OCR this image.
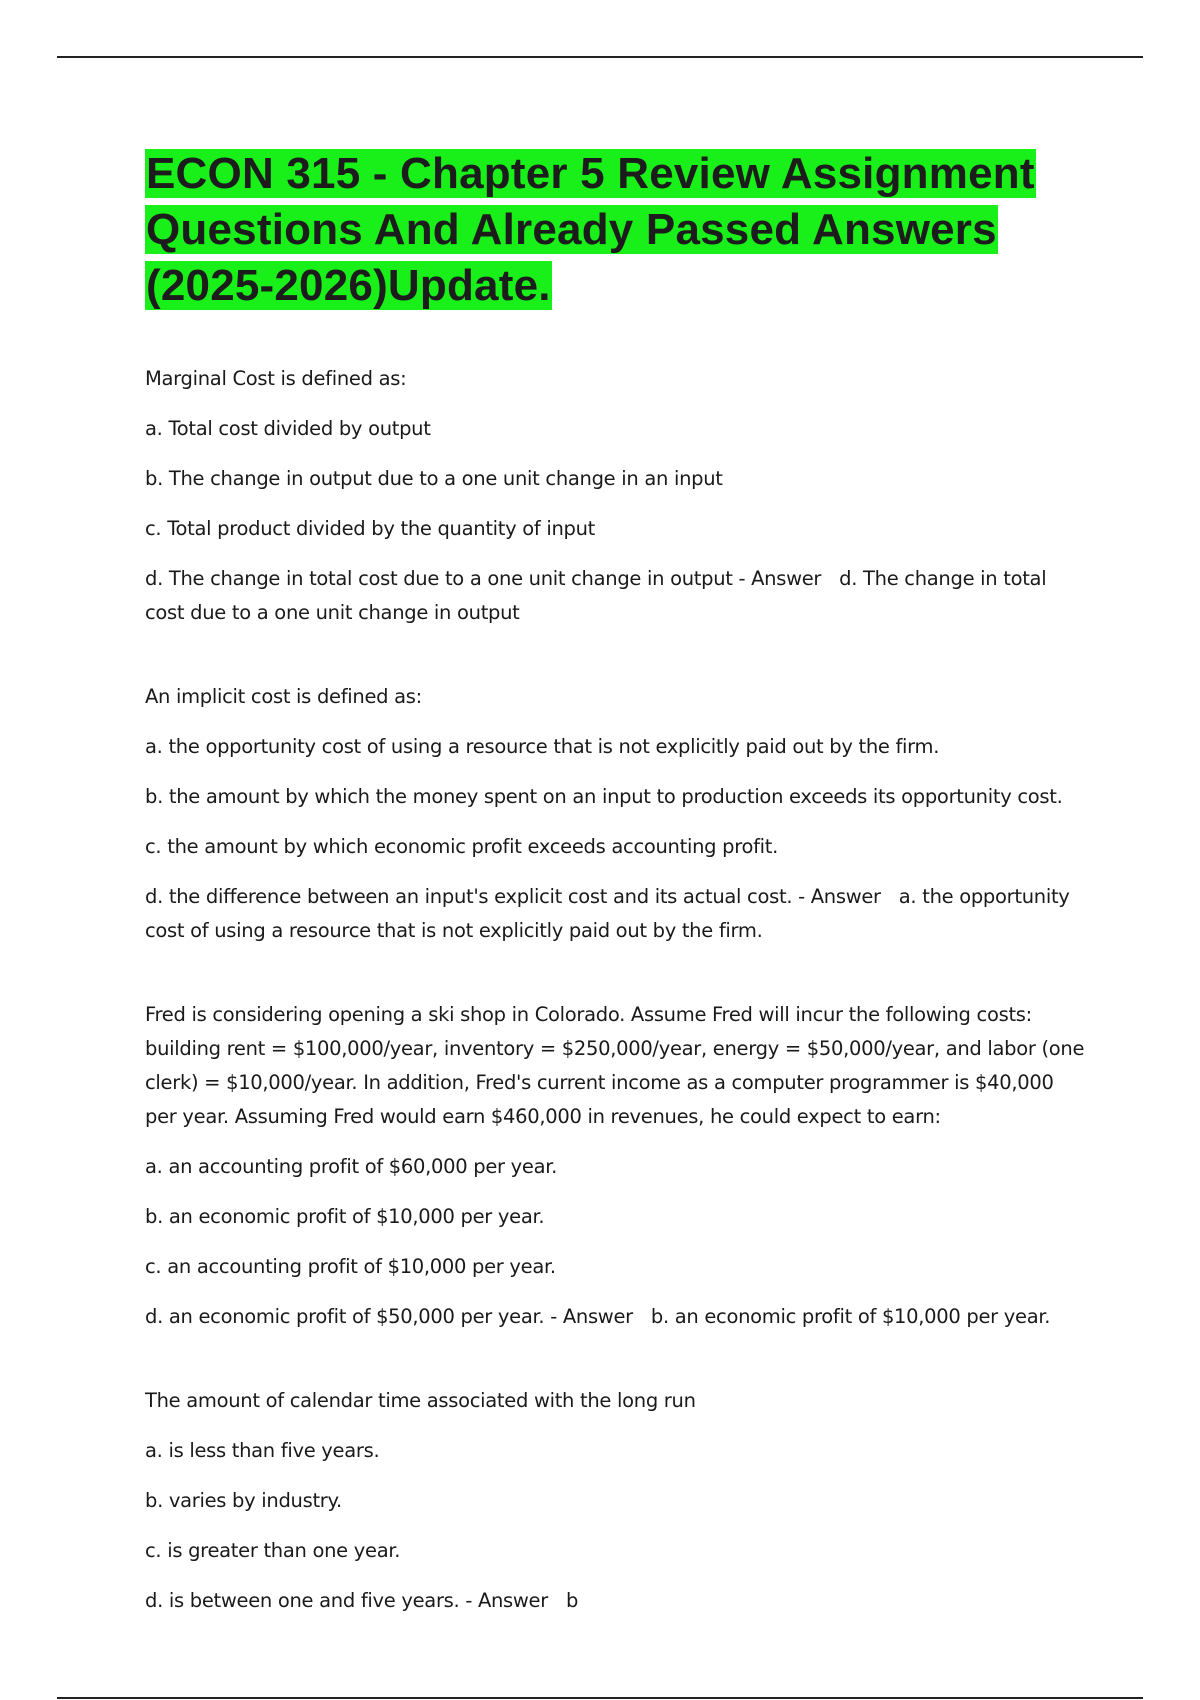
ECON 315 - Chapter 5 Review Assignment Questions And Already Passed Answers (2025-2026)Update.

Marginal Cost is defined as:

a. Total cost divided by output

b. The change in output due to a one unit change in an input

c. Total product divided by the quantity of input

d. The change in total cost due to a one unit change in output - Answer d. The change in total cost due to a one unit change in output

An implicit cost is defined as:

a. the opportunity cost of using a resource that is not explicitly paid out by the firm.

b. the amount by which the money spent on an input to production exceeds its opportunity cost.

c. the amount by which economic profit exceeds accounting profit.

d. the difference between an input's explicit cost and its actual cost. - Answer a. the opportunity cost of using a resource that is not explicitly paid out by the firm.

Fred is considering opening a ski shop in Colorado. Assume Fred will incur the following costs: building rent = $100,000/year, inventory = $250,000/year, energy = $50,000/year, and labor (one clerk) = $10,000/year. In addition, Fred's current income as a computer programmer is $40,000 per year. Assuming Fred would earn $460,000 in revenues, he could expect to earn:

a. an accounting profit of $60,000 per year.

b. an economic profit of $10,000 per year.

c. an accounting profit of $10,000 per year.

d. an economic profit of $50,000 per year. - Answer b. an economic profit of $10,000 per year.

The amount of calendar time associated with the long run

a. is less than five years.

b. varies by industry.

c. is greater than one year.

d. is between one and five years. - Answer b
